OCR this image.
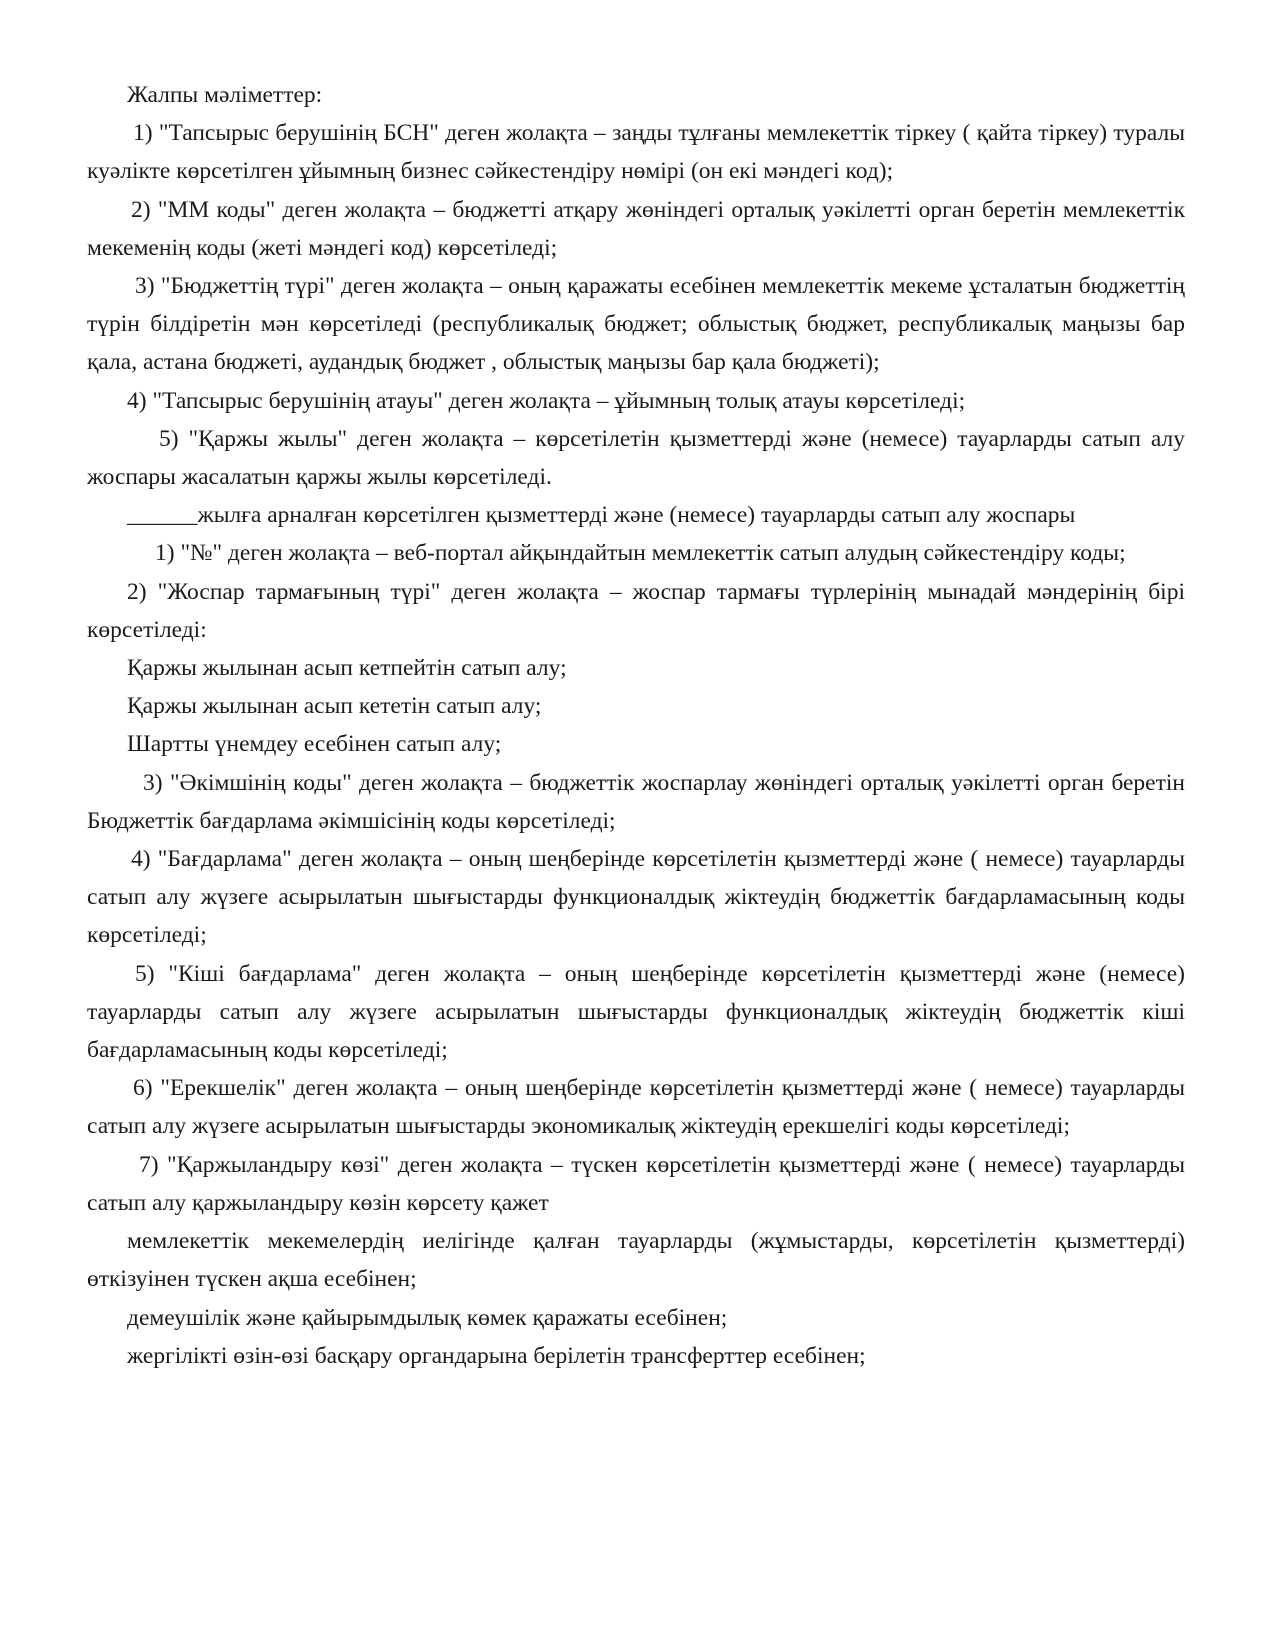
Жалпы мәліметтер:

1) "Тапсырыс берушінің БСН" деген жолақта – заңды тұлғаны мемлекеттік тіркеу ( қайта тіркеу) туралы куәлікте көрсетілген ұйымның бизнес сәйкестендіру нөмірі (он екі мәндегі код);

2) "ММ коды" деген жолақта – бюджетті атқару жөніндегі орталық уәкілетті орган беретін мемлекеттік мекеменің коды (жеті мәндегі код) көрсетіледі;

3) "Бюджеттің түрі" деген жолақта – оның қаражаты есебінен мемлекеттік мекеме ұсталатын бюджеттің түрін білдіретін мән көрсетіледі (республикалық бюджет; облыстық бюджет, республикалық маңызы бар қала, астана бюджеті, аудандық бюджет , облыстық маңызы бар қала бюджеті);

4) "Тапсырыс берушінің атауы" деген жолақта – ұйымның толық атауы көрсетіледі;

5) "Қаржы жылы" деген жолақта – көрсетілетін қызметтерді және (немесе) тауарларды сатып алу жоспары жасалатын қаржы жылы көрсетіледі.

______жылға арналған көрсетілген қызметтерді және (немесе) тауарларды сатып алу жоспары

1) "№" деген жолақта – веб-портал айқындайтын мемлекеттік сатып алудың сәйкестендіру коды;

2) "Жоспар тармағының түрі" деген жолақта – жоспар тармағы түрлерінің мынадай мәндерінің бірі көрсетіледі:

Қаржы жылынан асып кетпейтін сатып алу;

Қаржы жылынан асып кететін сатып алу;

Шартты үнемдеу есебінен сатып алу;

3) "Әкімшінің коды" деген жолақта – бюджеттік жоспарлау жөніндегі орталық уәкілетті орган беретін Бюджеттік бағдарлама әкімшісінің коды көрсетіледі;

4) "Бағдарлама" деген жолақта – оның шеңберінде көрсетілетін қызметтерді және ( немесе) тауарларды сатып алу жүзеге асырылатын шығыстарды функционалдық жіктеудің бюджеттік бағдарламасының коды көрсетіледі;

5) "Кіші бағдарлама" деген жолақта – оның шеңберінде көрсетілетін қызметтерді және (немесе) тауарларды сатып алу жүзеге асырылатын шығыстарды функционалдық жіктеудің бюджеттік кіші бағдарламасының коды көрсетіледі;

6) "Ерекшелік" деген жолақта – оның шеңберінде көрсетілетін қызметтерді және ( немесе) тауарларды сатып алу жүзеге асырылатын шығыстарды экономикалық жіктеудің ерекшелігі коды көрсетіледі;

7) "Қаржыландыру көзі" деген жолақта – түскен көрсетілетін қызметтерді және ( немесе) тауарларды сатып алу қаржыландыру көзін көрсету қажет

мемлекеттік мекемелердің иелігінде қалған тауарларды (жұмыстарды, көрсетілетін қызметтерді) өткізуінен түскен ақша есебінен;

демеушілік және қайырымдылық көмек қаражаты есебінен;

жергілікті өзін-өзі басқару органдарына берілетін трансферттер есебінен;
